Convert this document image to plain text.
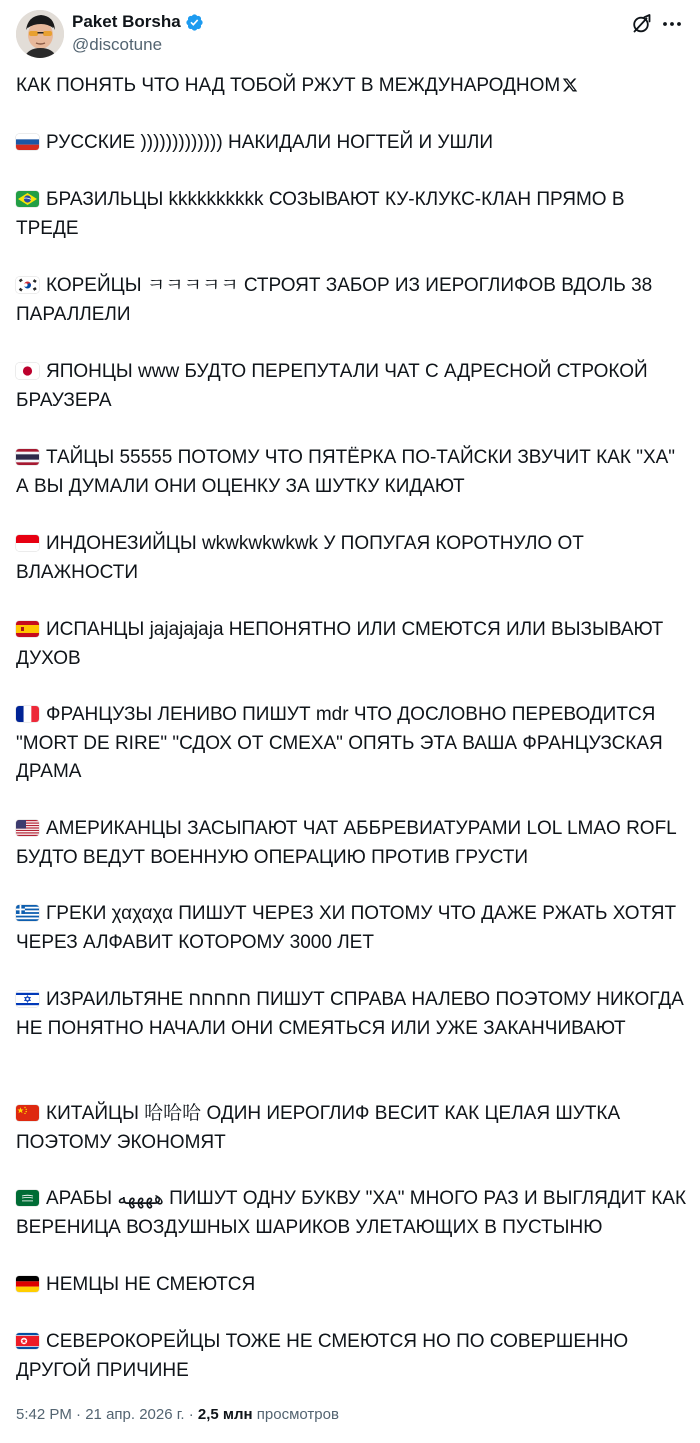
Paket Borsha
@discotune

КАК ПОНЯТЬ ЧТО НАД ТОБОЙ РЖУТ В МЕЖДУНАРОДНОМ

РУССКИЕ ))))))))))))) НАКИДАЛИ НОГТЕЙ И УШЛИ

БРАЗИЛЬЦЫ kkkkkkkkkk СОЗЫВАЮТ КУ-КЛУКС-КЛАН ПРЯМО В ТРЕДЕ

КОРЕЙЦЫ ㅋㅋㅋㅋㅋ СТРОЯТ ЗАБОР ИЗ ИЕРОГЛИФОВ ВДОЛЬ 38 ПАРАЛЛЕЛИ

ЯПОНЦЫ www БУДТО ПЕРЕПУТАЛИ ЧАТ С АДРЕСНОЙ СТРОКОЙ БРАУЗЕРА

ТАЙЦЫ 55555 ПОТОМУ ЧТО ПЯТЁРКА ПО-ТАЙСКИ ЗВУЧИТ КАК "ХА" А ВЫ ДУМАЛИ ОНИ ОЦЕНКУ ЗА ШУТКУ КИДАЮТ

ИНДОНЕЗИЙЦЫ wkwkwkwkwk У ПОПУГАЯ КОРОТНУЛО ОТ ВЛАЖНОСТИ

ИСПАНЦЫ jajajajaja НЕПОНЯТНО ИЛИ СМЕЮТСЯ ИЛИ ВЫЗЫВАЮТ ДУХОВ

ФРАНЦУЗЫ ЛЕНИВО ПИШУТ mdr ЧТО ДОСЛОВНО ПЕРЕВОДИТСЯ "MORT DE RIRE" "СДОХ ОТ СМЕХА" ОПЯТЬ ЭТА ВАША ФРАНЦУЗСКАЯ ДРАМА

АМЕРИКАНЦЫ ЗАСЫПАЮТ ЧАТ АББРЕВИАТУРАМИ LOL LMAO ROFL БУДТО ВЕДУТ ВОЕННУЮ ОПЕРАЦИЮ ПРОТИВ ГРУСТИ

ГРЕКИ χαχαχα ПИШУТ ЧЕРЕЗ ХИ ПОТОМУ ЧТО ДАЖЕ РЖАТЬ ХОТЯТ ЧЕРЕЗ АЛФАВИТ КОТОРОМУ 3000 ЛЕТ

ИЗРАИЛЬТЯНЕ חחחחח ПИШУТ СПРАВА НАЛЕВО ПОЭТОМУ НИКОГДА НЕ ПОНЯТНО НАЧАЛИ ОНИ СМЕЯТЬСЯ ИЛИ УЖЕ ЗАКАНЧИВАЮТ

КИТАЙЦЫ 哈哈哈 ОДИН ИЕРОГЛИФ ВЕСИТ КАК ЦЕЛАЯ ШУТКА ПОЭТОМУ ЭКОНОМЯТ

АРАБЫ ههههه ПИШУТ ОДНУ БУКВУ "ХА" МНОГО РАЗ И ВЫГЛЯДИТ КАК ВЕРЕНИЦА ВОЗДУШНЫХ ШАРИКОВ УЛЕТАЮЩИХ В ПУСТЫНЮ

НЕМЦЫ НЕ СМЕЮТСЯ

СЕВЕРОКОРЕЙЦЫ ТОЖЕ НЕ СМЕЮТСЯ НО ПО СОВЕРШЕННО ДРУГОЙ ПРИЧИНЕ

5:42 PM · 21 апр. 2026 г. · 2,5 млн просмотров
